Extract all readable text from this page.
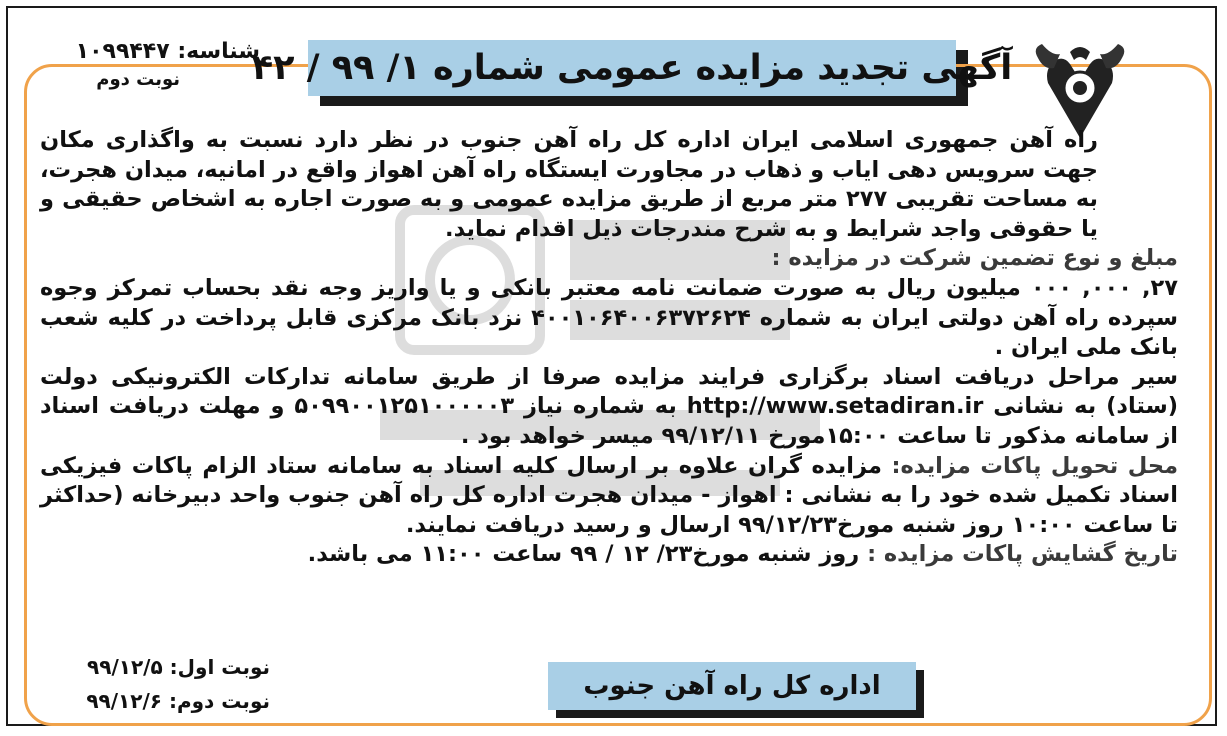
شناسه: ۱۰۹۹۴۴۷
نوبت دوم	آگهی تجدید مزایده عمومی شماره ۱/ ۹۹ / ۴۲

راه آهن جمهوری اسلامی ایران اداره کل راه آهن جنوب در نظر دارد نسبت به واگذاری مکان جهت سرویس دهی ایاب و ذهاب در مجاورت ایستگاه راه آهن اهواز واقع در امانیه، میدان هجرت، به مساحت تقریبی ۲۷۷ متر مربع از طریق مزایده عمومی و به صورت اجاره به اشخاص حقیقی و یا حقوقی واجد شرایط و به شرح مندرجات ذیل اقدام نماید.

مبلغ و نوع تضمین شرکت در مزایده :

۲۷, ۰۰۰, ۰۰۰ میلیون ریال به صورت ضمانت نامه معتبر بانکی و یا واریز وجه نقد بحساب تمرکز وجوه سپرده راه آهن دولتی ایران به شماره ۴۰۰۱۰۶۴۰۰۶۳۷۲۶۲۴ نزد بانک مرکزی قابل پرداخت در کلیه شعب بانک ملی ایران .

سیر مراحل دریافت اسناد برگزاری فرایند مزایده صرفا از طریق سامانه تدارکات الکترونیکی دولت (ستاد) به نشانی http://www.setadiran.ir به شماره نیاز ۵۰۹۹۰۰۱۲۵۱۰۰۰۰۰۳ و مهلت دریافت اسناد از سامانه مذکور تا ساعت ۱۵:۰۰مورخ ۹۹/۱۲/۱۱ میسر خواهد بود .

محل تحویل پاکات مزایده: مزایده گران علاوه بر ارسال کلیه اسناد به سامانه ستاد الزام پاکات فیزیکی اسناد تکمیل شده خود را به نشانی : اهواز - میدان هجرت اداره کل راه آهن جنوب واحد دبیرخانه (حداکثر تا ساعت ۱۰:۰۰ روز شنبه مورخ۹۹/۱۲/۲۳ ارسال و رسید دریافت نمایند.

تاریخ گشایش پاکات مزایده : روز شنبه مورخ۲۳/ ۱۲ / ۹۹ ساعت ۱۱:۰۰ می باشد.

نوبت اول: ۹۹/۱۲/۵
نوبت دوم: ۹۹/۱۲/۶	اداره کل راه آهن جنوب
